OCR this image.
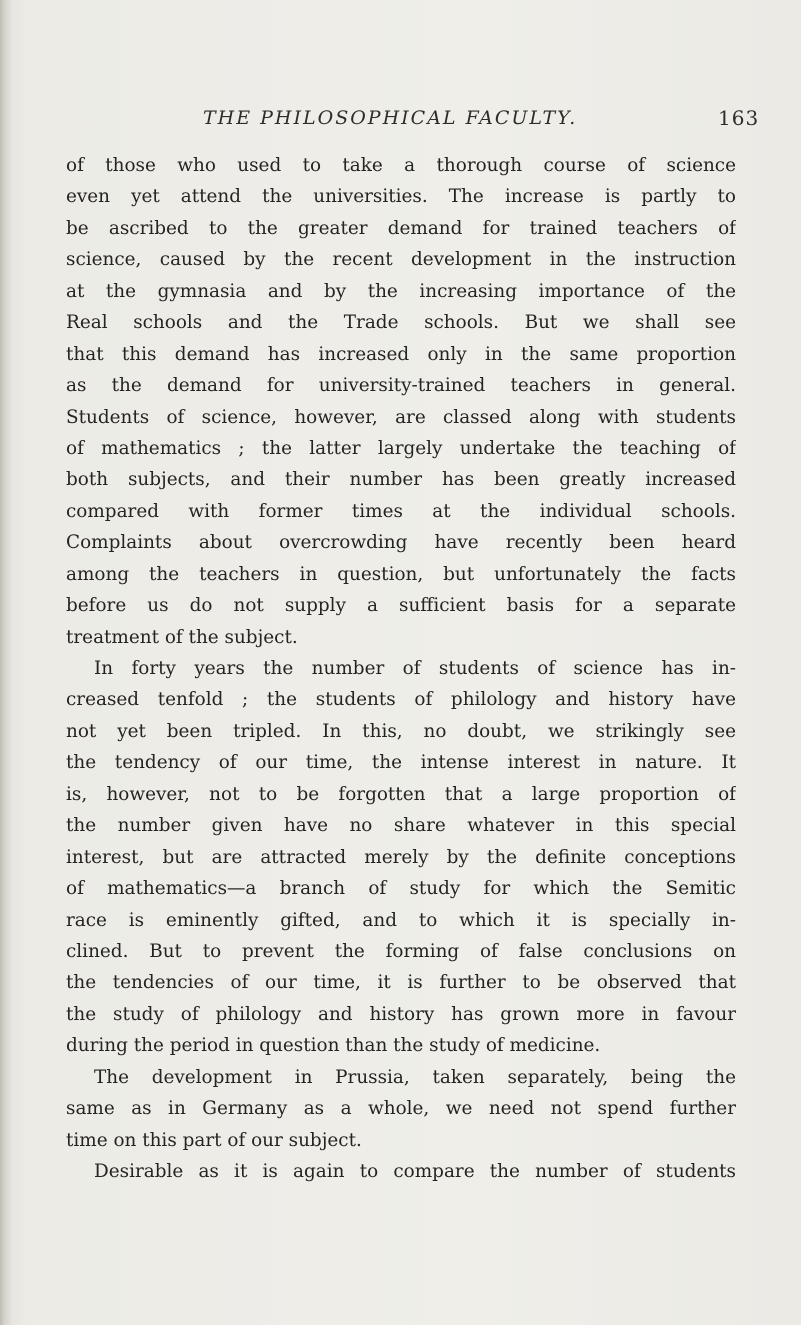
THE PHILOSOPHICAL FACULTY.	163
of those who used to take a thorough course of science
even yet attend the universities. The increase is partly to
be ascribed to the greater demand for trained teachers of
science, caused by the recent development in the instruction
at the gymnasia and by the increasing importance of the
Real schools and the Trade schools. But we shall see
that this demand has increased only in the same proportion
as the demand for university-trained teachers in general.
Students of science, however, are classed along with students
of mathematics ; the latter largely undertake the teaching of
both subjects, and their number has been greatly increased
compared with former times at the individual schools.
Complaints about overcrowding have recently been heard
among the teachers in question, but unfortunately the facts
before us do not supply a sufficient basis for a separate
treatment of the subject.
In forty years the number of students of science has in-
creased tenfold ; the students of philology and history have
not yet been tripled. In this, no doubt, we strikingly see
the tendency of our time, the intense interest in nature. It
is, however, not to be forgotten that a large proportion of
the number given have no share whatever in this special
interest, but are attracted merely by the definite conceptions
of mathematics—a branch of study for which the Semitic
race is eminently gifted, and to which it is specially in-
clined. But to prevent the forming of false conclusions on
the tendencies of our time, it is further to be observed that
the study of philology and history has grown more in favour
during the period in question than the study of medicine.
The development in Prussia, taken separately, being the
same as in Germany as a whole, we need not spend further
time on this part of our subject.
Desirable as it is again to compare the number of students
